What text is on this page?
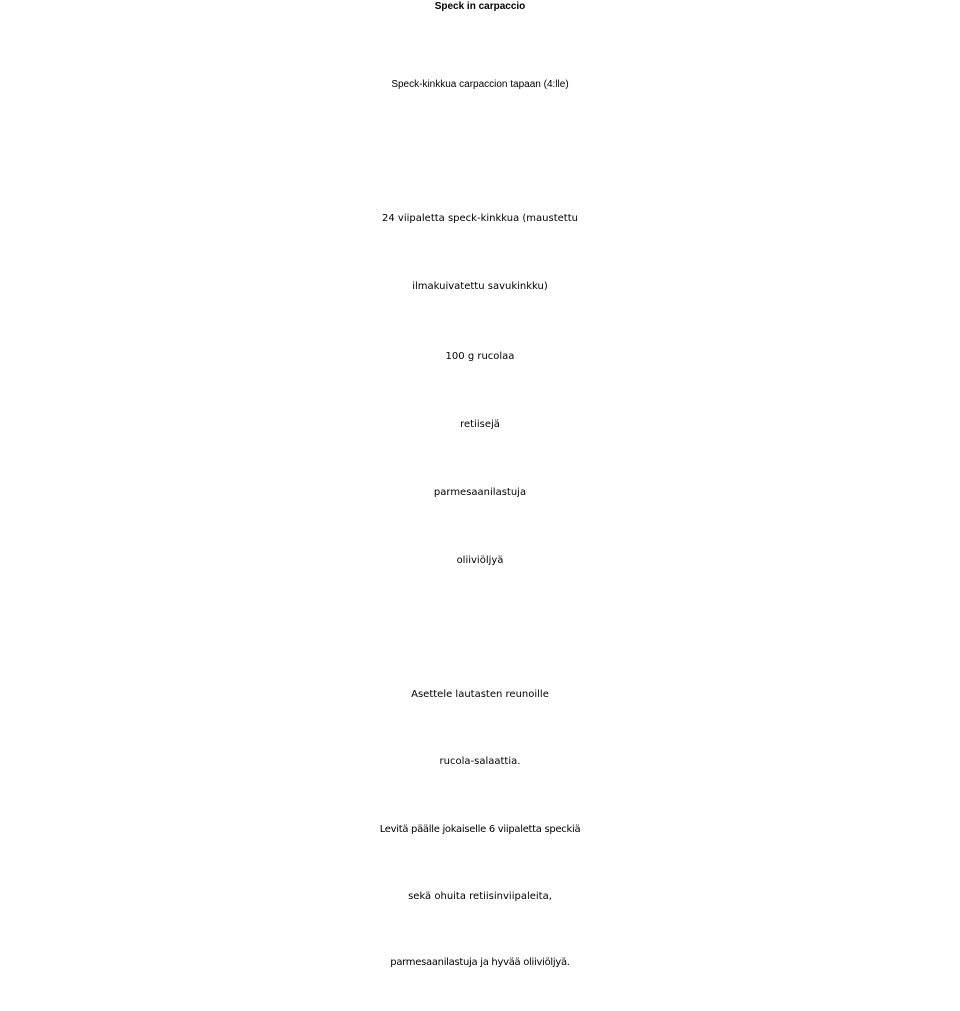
Speck in carpaccio
Speck-kinkkua carpaccion tapaan (4:lle)
24 viipaletta speck-kinkkua (maustettu
ilmakuivatettu savukinkku)
100 g rucolaa
retiisejä
parmesaanilastuja
oliiviöljyä
Asettele lautasten reunoille
rucola-salaattia.
Levitä päälle jokaiselle 6 viipaletta speckiä
sekä ohuita retiisinviipaleita,
parmesaanilastuja ja hyvää oliiviöljyä.
